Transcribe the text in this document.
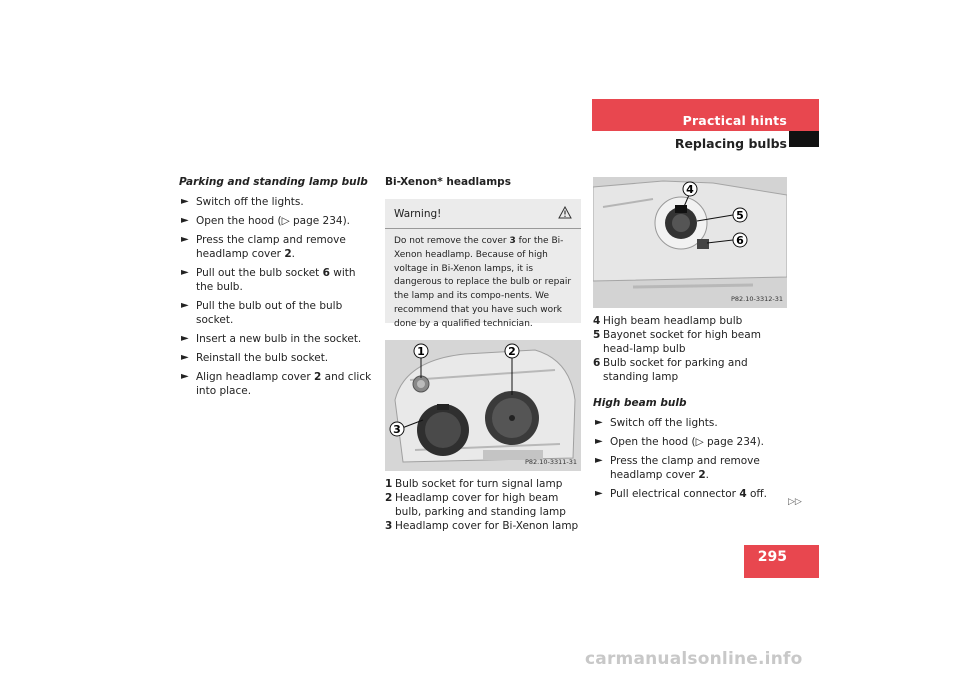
Practical hints
Replacing bulbs
Parking and standing lamp bulb
► Switch off the lights.
► Open the hood (▷ page 234).
► Press the clamp and remove headlamp cover 2.
► Pull out the bulb socket 6 with the bulb.
► Pull the bulb out of the bulb socket.
► Insert a new bulb in the socket.
► Reinstall the bulb socket.
► Align headlamp cover 2 and click into place.
Bi-Xenon* headlamps
Warning!
Do not remove the cover 3 for the Bi-Xenon headlamp. Because of high voltage in Bi-Xenon lamps, it is dangerous to replace the bulb or repair the lamp and its compo-nents. We recommend that you have such work done by a qualified technician.
1	2
3
P82.10-3311-31
1 Bulb socket for turn signal lamp
2 Headlamp cover for high beam bulb, parking and standing lamp
3 Headlamp cover for Bi-Xenon lamp
4
5
6
P82.10-3312-31
4 High beam headlamp bulb
5 Bayonet socket for high beam head-lamp bulb
6 Bulb socket for parking and standing lamp
High beam bulb
► Switch off the lights.
► Open the hood (▷ page 234).
► Press the clamp and remove headlamp cover 2.
► Pull electrical connector 4 off.
▷▷
295
carmanualsonline.info
